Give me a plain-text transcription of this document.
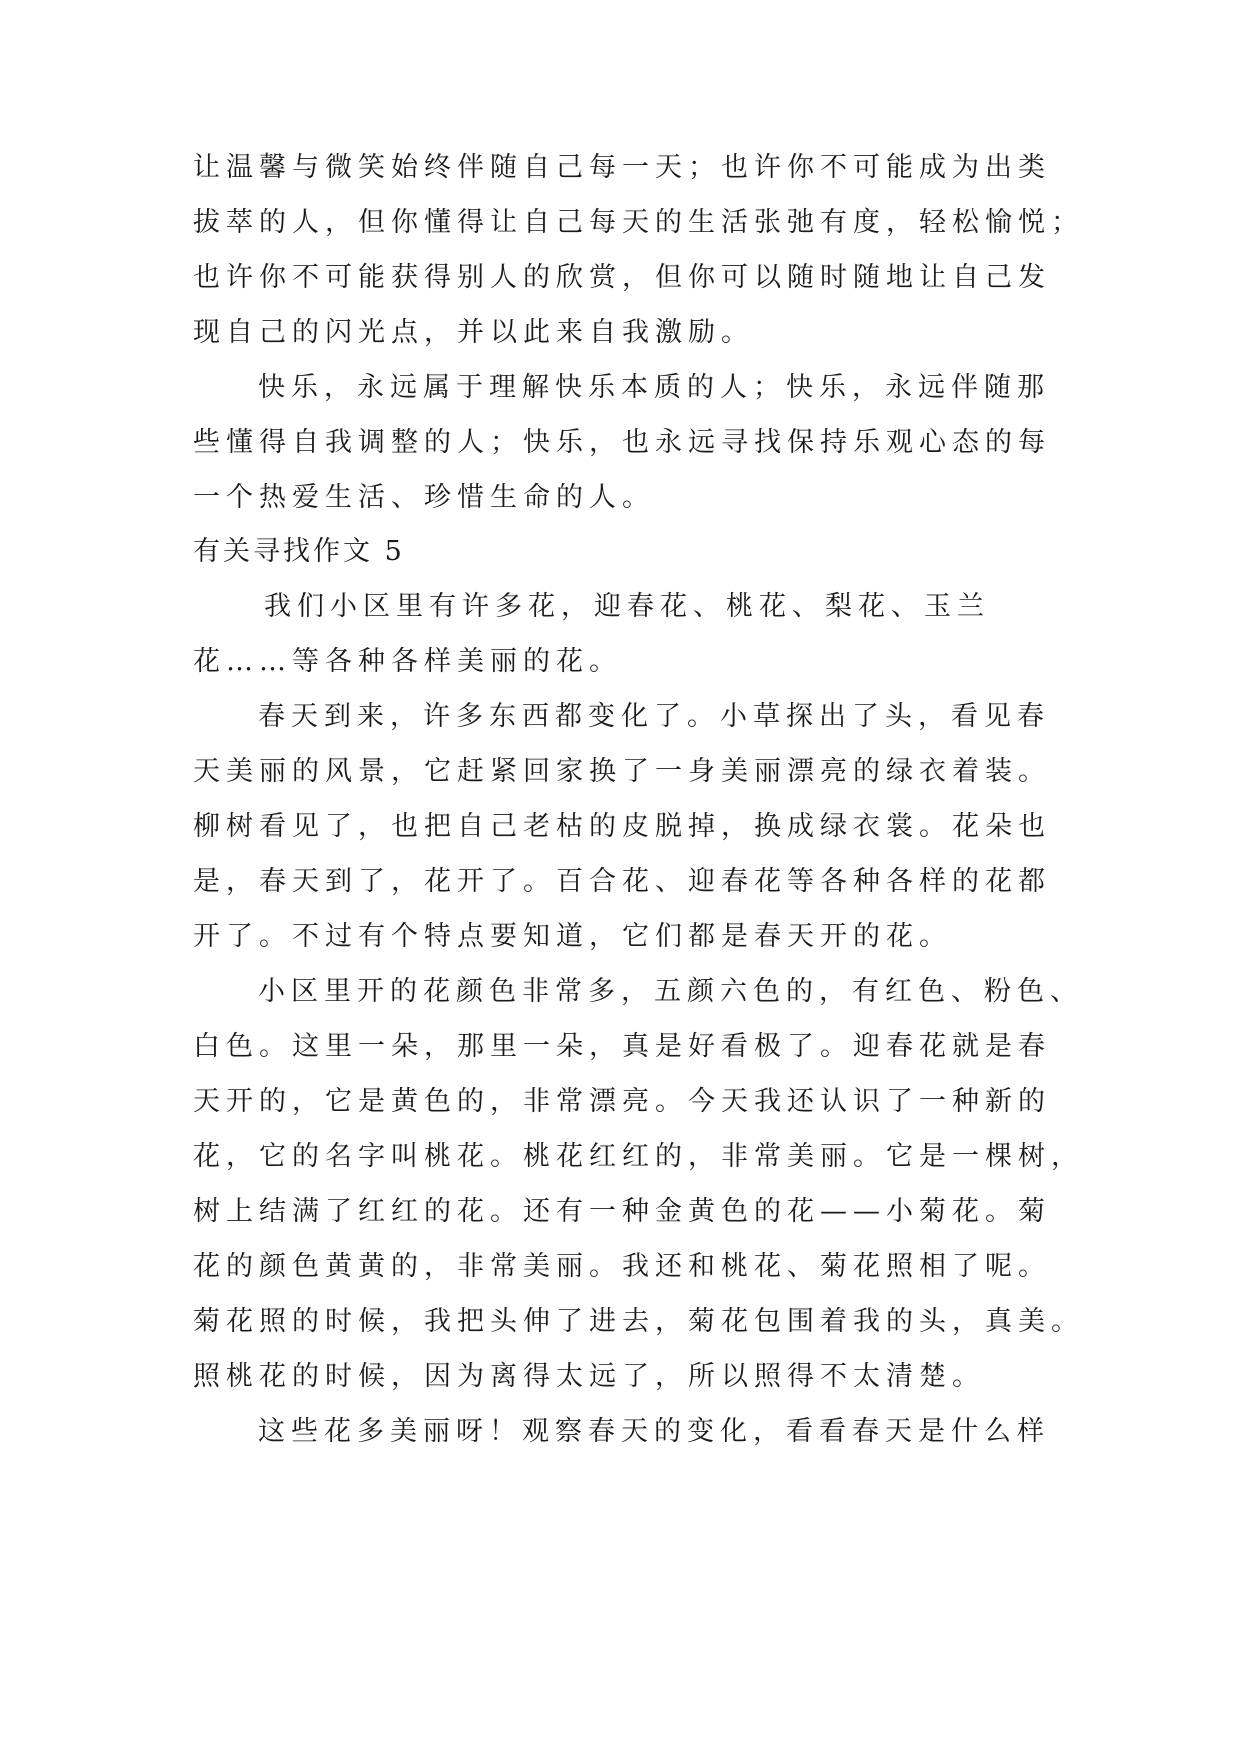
让温馨与微笑始终伴随自己每一天；也许你不可能成为出类
拔萃的人，但你懂得让自己每天的生活张弛有度，轻松愉悦；
也许你不可能获得别人的欣赏，但你可以随时随地让自己发
现自己的闪光点，并以此来自我激励。
快乐，永远属于理解快乐本质的人；快乐，永远伴随那
些懂得自我调整的人；快乐，也永远寻找保持乐观心态的每
一个热爱生活、珍惜生命的人。
有关寻找作文 5
我们小区里有许多花，迎春花、桃花、梨花、玉兰
花……等各种各样美丽的花。
春天到来，许多东西都变化了。小草探出了头，看见春
天美丽的风景，它赶紧回家换了一身美丽漂亮的绿衣着装。
柳树看见了，也把自己老枯的皮脱掉，换成绿衣裳。花朵也
是，春天到了，花开了。百合花、迎春花等各种各样的花都
开了。不过有个特点要知道，它们都是春天开的花。
小区里开的花颜色非常多，五颜六色的，有红色、粉色、
白色。这里一朵，那里一朵，真是好看极了。迎春花就是春
天开的，它是黄色的，非常漂亮。今天我还认识了一种新的
花，它的名字叫桃花。桃花红红的，非常美丽。它是一棵树，
树上结满了红红的花。还有一种金黄色的花——小菊花。菊
花的颜色黄黄的，非常美丽。我还和桃花、菊花照相了呢。
菊花照的时候，我把头伸了进去，菊花包围着我的头，真美。
照桃花的时候，因为离得太远了，所以照得不太清楚。
这些花多美丽呀！观察春天的变化，看看春天是什么样
